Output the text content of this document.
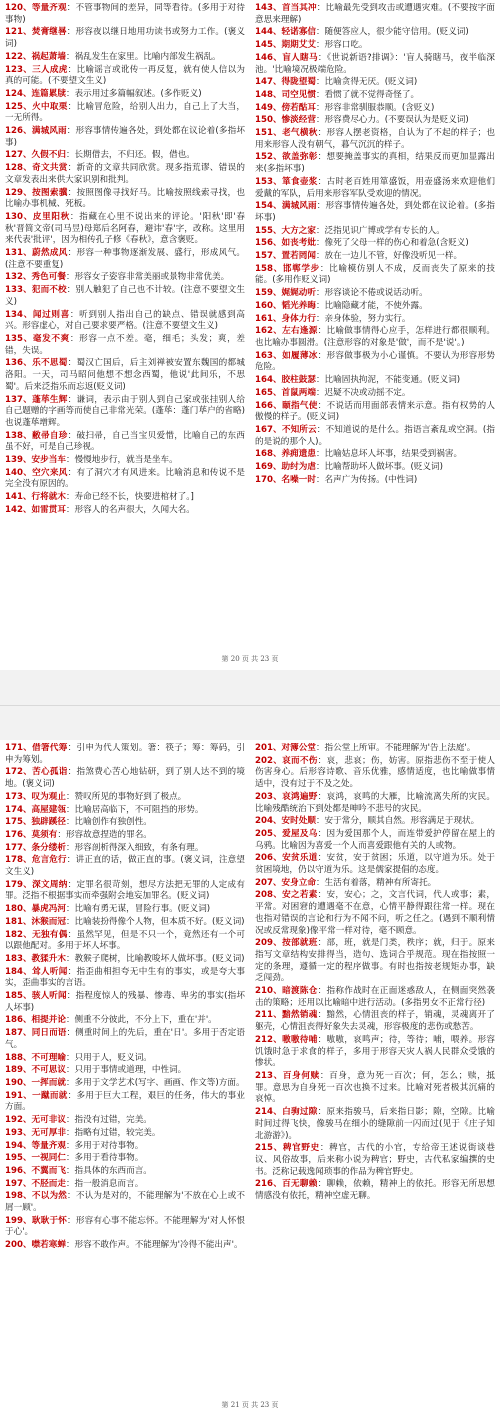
120、等量齐观：不管事物间的差异，同等看待。(多用于对待事物)
121、焚膏继晷：形容夜以继日地用功读书或努力工作。(褒义词)
122、祸起萧墙：祸乱发生在家里。比喻内部发生祸乱。
123、三人成虎：比喻谣言或讹传一再反复，就有使人信以为真的可能。(不要望文生义)
124、连篇累牍：表示用过多篇幅叙述。(多作贬义)
125、火中取栗：比喻冒危险，给别人出力，自己上了大当，一无所得。
126、满城风雨：形容事情传遍各处，到处都在议论着(多指坏事)
127、久假不归：长期借去，不归还。假，借也。
128、奇文共赏：新奇的文章共同欣赏。现多指荒谬、错误的文章发表出来供大家识别和批判。
129、按图索骥：按照图像寻找好马。比喻按照线索寻找，也比喻办事机械、死板。
130、皮里阳秋：指藏在心里不说出来的评论。'阳秋'即'春秋'晋简文帝(司马昱)母郑后名阿春，避讳'春'字，改称。这里用来代表'批评'，因为相传孔子修《春秋》，意含褒贬。
131、蔚然成风：形容一种事物逐渐发展、盛行，形成风气。(注意不要重复)
132、秀色可餐：形容女子姿容非常美丽或景物非常优美。
133、犯而不校：别人触犯了自己也不计较。(注意不要望文生义)
134、闻过则喜：听到别人指出自己的缺点、错误就感到高兴。形容虚心，对自己要求要严格。(注意不要望文生义)
135、毫发不爽：形容一点不差。毫，细毛；头发；爽，差错，失误。
136、乐不思蜀：蜀汉亡国后，后主刘禅被安置东魏国的都城洛阳。一天，司马昭问他想不想念西蜀，他说'此间乐，不思蜀'。后来泛指乐而忘返(贬义词)
137、蓬荜生辉：谦词，表示由于别人到自己家或张挂别人给自己题赠的字画等而使自己非常光荣。(蓬荜：蓬门荜户的省略)也说蓬荜增辉。
138、敝帚自珍：破扫帚，自己当宝贝爱惜，比喻自己的东西虽不好，可是自己珍视。
139、安步当车：慢慢地步行，就当是坐车。
140、空穴来风：有了洞穴才有风进来。比喻消息和传说不是完全没有原因的。
141、行将就木：寿命已经不长，快要进棺材了。]
142、如雷贯耳：形容人的名声很大，久闻大名。
143、首当其冲：比喻最先受到攻击或遭遇灾难。(不要按字面意思来理解)
144、轻诺寡信：随便答应人，很少能守信用。(贬义词)
145、期期艾艾：形容口吃。
146、盲人瞎马：《世说新语?排调》：'盲人骑瞎马，夜半临深池。'比喻境况极端危险。
147、得陇望蜀：比喻贪得无厌。(贬义词)
148、司空见惯：看惯了就不觉得奇怪了。
149、傍若酤耳：形容非常驯服恭顺。(含贬义)
150、惨淡经营：形容费尽心力。(不要误认为是贬义词)
151、老气横秋：形容人摆老资格，自认为了不起的样子；也用来形容人没有朝气，暮气沉沉的样子。
152、欲盖弥彰：想要掩盖事实的真相，结果反而更加显露出来(多指坏事)
153、箪食壶浆：古时老百姓用箪盛饭，用壶盛汤来欢迎他们爱戴的军队，后用来形容军队受欢迎的情况。
154、满城风雨：形容事情传遍各处，到处都在议论着。(多指坏事)
155、大方之家：泛指见识广博或学有专长的人。
156、如丧考妣：像死了父母一样的伤心和着急(含贬义)
157、置若罔闻：放在一边儿不管，好像没听见一样。
158、邯郸学步：比喻模仿别人不成，反而丧失了原来的技能。(多用作贬义词)
159、娓娓动听：形容谈论不倦或说话动听。
160、韬光养晦：比喻隐藏才能，不使外露。
161、身体力行：亲身体验，努力实行。
162、左右逢源：比喻做事情得心应手，怎样进行都很顺利。也比喻办事圆滑。(注意形容的对象是'做'，而不是'说'。)
163、如履薄冰：形容做事极为小心谨慎。不要认为形容形势危险。
164、胶柱鼓瑟：比喻固执拘泥，不能变通。(贬义词)
165、首鼠两端：迟疑不决或动摇不定。
166、颐指气使：不说话而用面部表情来示意。指有权势的人傲慢的样子。(贬义词)
167、不知所云：不知道说的是什么。指语言紊乱或空洞。(指的是说的那个人)。
168、养痈遗患：比喻姑息坏人坏事，结果受到祸害。
169、助纣为虐：比喻帮助坏人做坏事。(贬义词)
170、名噪一时：名声广为传扬。(中性词)
第 20 页 共 23 页
171、借箸代筹：引申为代人策划。箸：筷子；筹：筹码，引申为筹划。
172、苦心孤诣：指煞费心苦心地钻研，到了别人达不到的境地。(褒义词)
173、叹为观止：赞叹所见的事物好到了极点。
174、高屋建瓴：比喻居高临下，不可阻挡的形势。
175、独辟蹊径：比喻创作有独创性。
176、莫须有：形容故意捏造的罪名。
177、条分缕析：形容剖析得深入细致，有条有理。
178、危言危行：讲正直的话，做正直的事。(褒义词，注意望文生义)
179、深文周纳：定罪名很苛刻，想尽方法把无罪的人定成有罪。泛指不根据事实而牵强附会地妄加罪名。(贬义词)
180、暴虎冯河：比喻有勇无谋，冒险行事。(贬义词)
181、沐猴而冠：比喻装扮得像个人物，但本质不好。(贬义词)
182、无独有偶：虽然罕见，但是不只一个，竟然还有一个可以跟他配对。多用于坏人坏事。
183、教猱升木：教猴子爬树，比喻教唆坏人做坏事。(贬义词)
184、耸人听闻：指歪曲相担夸无中生有的事实，或是夸大事实，歪曲事实的言语。
185、骇人听闻：指程度惊人的残暴、惨毒、卑劣的事实(指坏人坏事)
186、相提并论：侧重不分彼此，不分上下，重在'并'。
187、同日而语：侧重时间上的先后，重在'日'。多用于否定语气。
188、不可理喻：只用于人，贬义词。
189、不可思议：只用于事情或道理，中性词。
190、一挥而就：多用于文学艺术(写字、画画、作文等)方面。
191、一蹴而就：多用于巨大工程，艰巨的任务，伟大的事业方面。
192、无可非议：指没有过错，完美。
193、无可厚非：指略有过错，较完美。
194、等量齐观：多用于对待事物。
195、一视同仁：多用于看待事物。
196、不翼而飞：指具体的东西而言。
197、不胫而走：指一般消息而言。
198、不以为然：不认为是对的，不能理解为'不放在心上或不屑一顾'。
199、耿耿于怀：形容有心事不能忘怀。不能理解为'对人怀恨于心'。
200、噤若寒蝉：形容不敢作声。不能理解为'冷得不能出声'。
201、对簿公堂：指公堂上所审。不能理解为'告上法庭'。
202、哀而不伤：哀，悲哀；伤，妨害。原指悲伤不至于使人伤害身心。后形容诗歌、音乐优雅，感情适度，也比喻做事情适中，没有过于不及之处。
203、哀鸿遍野：哀鸿，哀鸣的大雁，比喻流离失所的灾民。比喻残酷统治下到处都是呻吟不悲号的灾民。
204、安时处顺：安于常分，顺其自然。形容满足于现状。
205、爱屋及乌：因为爱国那个人，而连带爱护停留在屋上的乌鸦。比喻因为喜爱一个人而喜爱跟他有关的人或物。
206、安贫乐道：安贫，安于贫困；乐道，以守道为乐。处于贫困境地，仍以守道为乐。这是儒家提倡的态度。
207、安身立命：生活有着落，精神有所寄托。
208、安之若素：安，安心；之，文言代词，代人或事；素，平常。对困窘的遭遇毫不在意，心情平静得跟往常一样。现在也指对错误的言论和行为不闻不问，听之任之。(遇到不顺利情况或反常现象)像平常一样对待，毫不顾意。
209、按部就班：部，班，就是门类，秩序；就，归于。原来指写文章结构安排得当，造句、选词合乎规范。现在指按照一定的条理，遵循一定的程序做事。有时也指按老规矩办事，缺乏闯劲。
210、暗渡陈仓：指称作战时在正面迷惑敌人，在侧面突然袭击的策略；还用以比喻暗中进行活动。(多指男女不正常行径)
211、黯然销魂：黯然，心情沮丧的样子，销魂，灵魂离开了躯壳，心情沮丧得好象失去灵魂，形容极度的悲伤或愁苦。
212、嗷嗷待哺：嗷嗷，哀鸣声；待，等待；哺，喂养。形容饥饿时急于求食的样子，多用于形容天灾人祸人民群众受饿的惨状。
213、百身何赎：百身，意为死一百次；何，怎么；赎，抵罪。意思为自身死一百次也换不过来。比喻对死者极其沉痛的哀悼。
214、白驹过隙：原来指骏马，后来指日影；隙，空隙。比喻时间过得飞快，像骏马在细小的缝隙前一闪而过(见于《庄子知北游游》)。
215、稗官野史：稗官，古代的小官，专给帝王述说街谈巷议、风俗故事，后来称小说为稗官；野史，古代私家编撰的史书。泛称记载逸闻琐事的作品为稗官野史。
216、百无聊赖：聊赖，依赖，精神上的依托。形容无所思想情感没有依托，精神空虚无聊。
第 21 页 共 23 页
